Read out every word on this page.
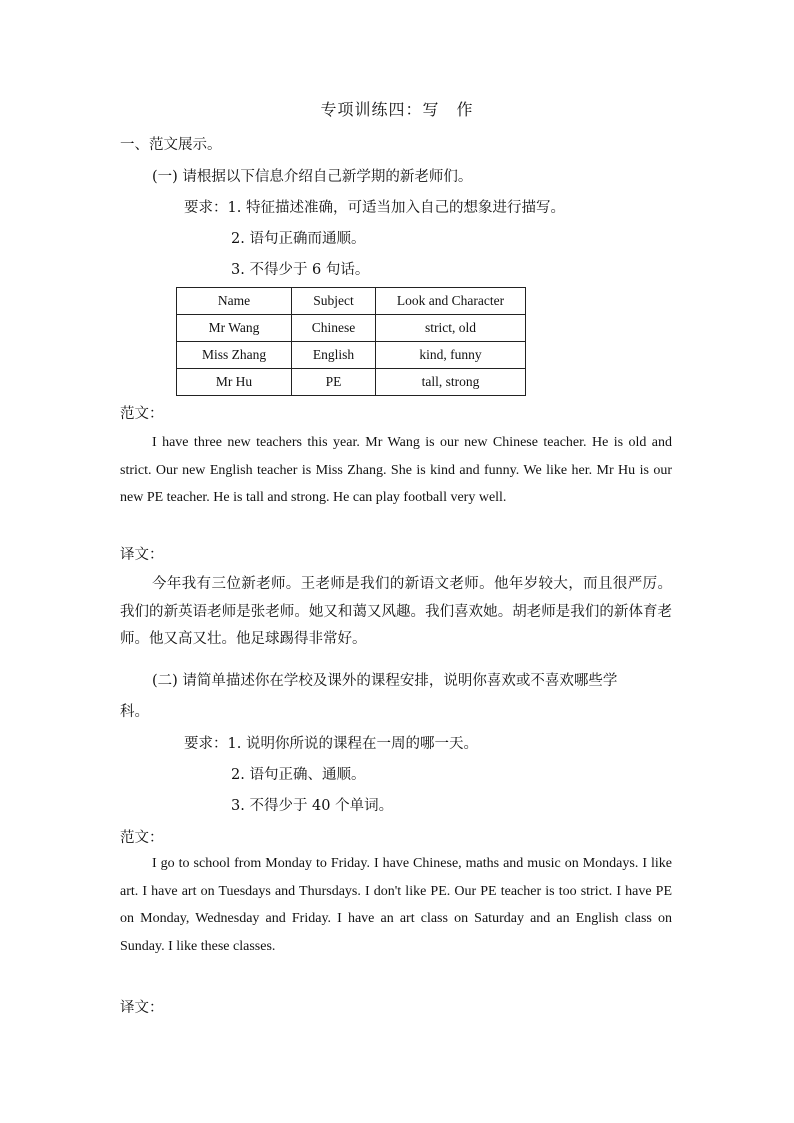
专项训练四：写　作
一、范文展示。
(一) 请根据以下信息介绍自己新学期的新老师们。
要求：1. 特征描述准确，可适当加入自己的想象进行描写。
2. 语句正确而通顺。
3. 不得少于 6 句话。
Name	Subject	Look and Character
Mr Wang	Chinese	strict, old
Miss Zhang	English	kind, funny
Mr Hu	PE	tall, strong
范文：
I have three new teachers this year. Mr Wang is our new Chinese teacher. He is old and strict. Our new English teacher is Miss Zhang. She is kind and funny. We like her. Mr Hu is our new PE teacher. He is tall and strong. He can play football very well.
译文：
今年我有三位新老师。王老师是我们的新语文老师。他年岁较大，而且很严厉。我们的新英语老师是张老师。她又和蔼又风趣。我们喜欢她。胡老师是我们的新体育老师。他又高又壮。他足球踢得非常好。
(二) 请简单描述你在学校及课外的课程安排，说明你喜欢或不喜欢哪些学
科。
要求：1. 说明你所说的课程在一周的哪一天。
2. 语句正确、通顺。
3. 不得少于 40 个单词。
范文：
I go to school from Monday to Friday. I have Chinese, maths and music on Mondays. I like art. I have art on Tuesdays and Thursdays. I don't like PE. Our PE teacher is too strict. I have PE on Monday, Wednesday and Friday. I have an art class on Saturday and an English class on Sunday. I like these classes.
译文：
